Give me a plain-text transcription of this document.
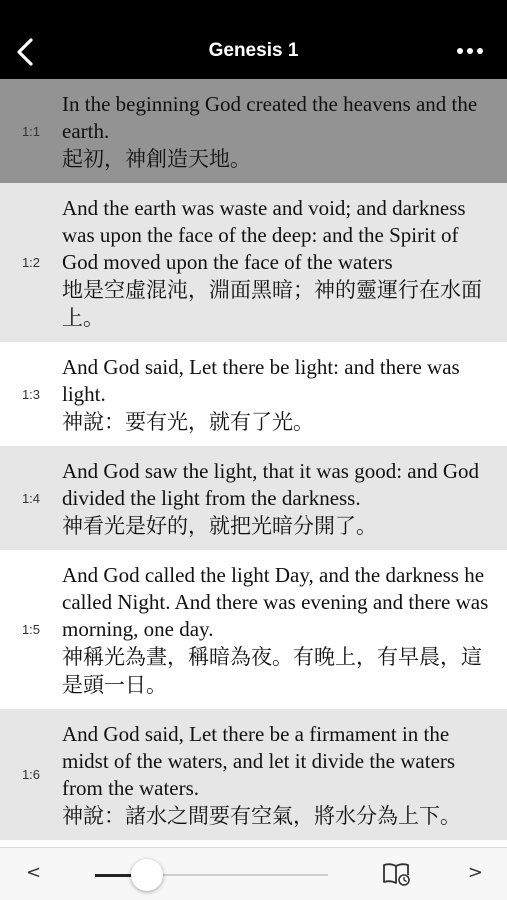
Genesis 1
1:1
In the beginning God created the heavens and the earth.
起初，神創造天地。
1:2
And the earth was waste and void; and darkness was upon the face of the deep: and the Spirit of God moved upon the face of the waters
地是空虛混沌，淵面黑暗；神的靈運行在水面上。
1:3
And God said, Let there be light: and there was light.
神說：要有光，就有了光。
1:4
And God saw the light, that it was good: and God divided the light from the darkness.
神看光是好的，就把光暗分開了。
1:5
And God called the light Day, and the darkness he called Night. And there was evening and there was morning, one day.
神稱光為晝，稱暗為夜。有晚上，有早晨，這是頭一日。
1:6
And God said, Let there be a firmament in the midst of the waters, and let it divide the waters from the waters.
神說：諸水之間要有空氣，將水分為上下。
<	>
